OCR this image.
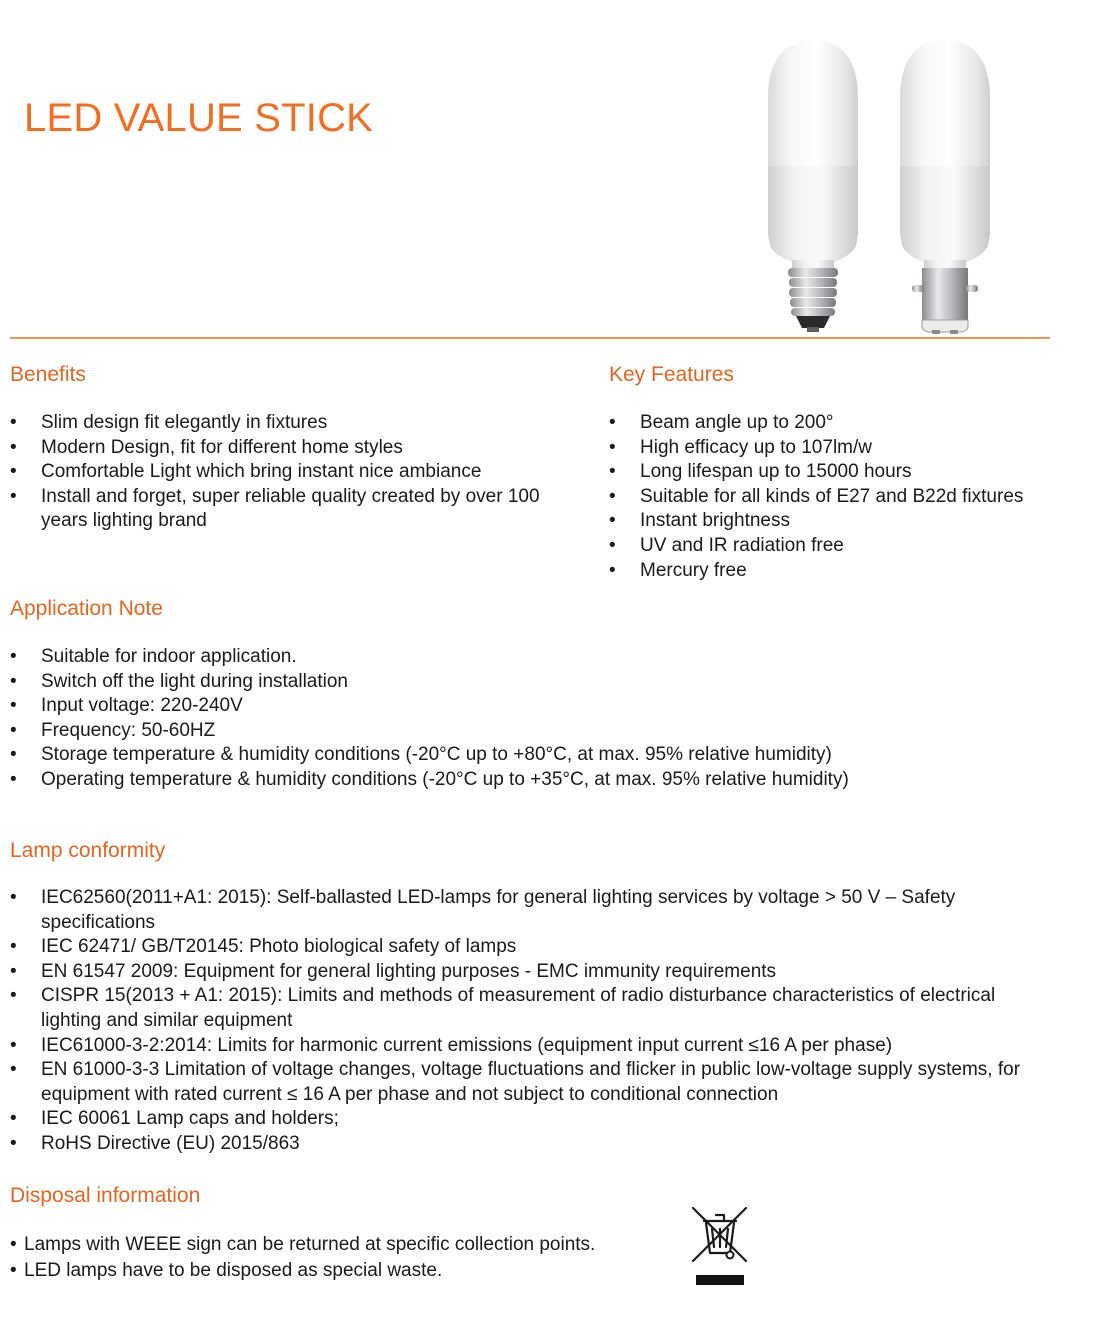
LED VALUE STICK
Benefits
• Slim design fit elegantly in fixtures
• Modern Design, fit for different home styles
• Comfortable Light which bring instant nice ambiance
• Install and forget, super reliable quality created by over 100 years lighting brand
Key Features
• Beam angle up to 200°
• High efficacy up to 107lm/w
• Long lifespan up to 15000 hours
• Suitable for all kinds of E27 and B22d fixtures
• Instant brightness
• UV and IR radiation free
• Mercury free
Application Note
• Suitable for indoor application.
• Switch off the light during installation
• Input voltage: 220-240V
• Frequency: 50-60HZ
• Storage temperature & humidity conditions (-20°C up to +80°C, at max. 95% relative humidity)
• Operating temperature & humidity conditions (-20°C up to +35°C, at max. 95% relative humidity)
Lamp conformity
• IEC62560(2011+A1: 2015): Self-ballasted LED-lamps for general lighting services by voltage > 50 V – Safety specifications
• IEC 62471/ GB/T20145: Photo biological safety of lamps
• EN 61547 2009: Equipment for general lighting purposes - EMC immunity requirements
• CISPR 15(2013 + A1: 2015): Limits and methods of measurement of radio disturbance characteristics of electrical lighting and similar equipment
• IEC61000-3-2:2014: Limits for harmonic current emissions (equipment input current ≤16 A per phase)
• EN 61000-3-3 Limitation of voltage changes, voltage fluctuations and flicker in public low-voltage supply systems, for equipment with rated current ≤ 16 A per phase and not subject to conditional connection
• IEC 60061 Lamp caps and holders;
• RoHS Directive (EU) 2015/863
Disposal information
• Lamps with WEEE sign can be returned at specific collection points.
• LED lamps have to be disposed as special waste.
